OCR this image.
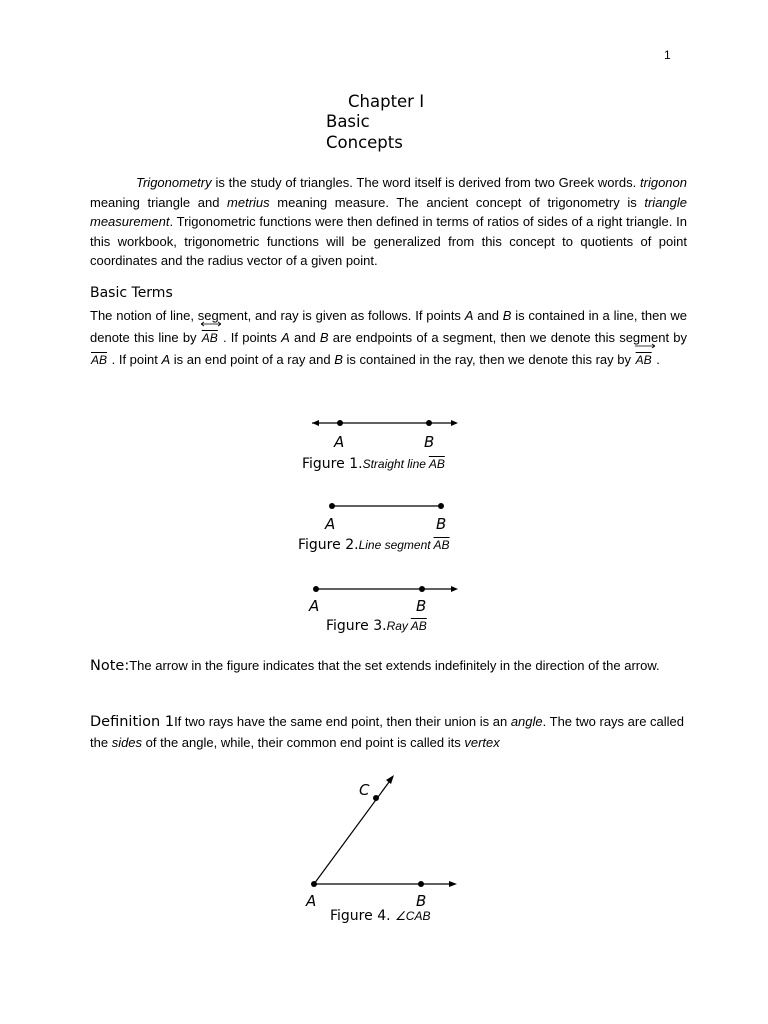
1
Chapter I
Basic
Concepts
Trigonometry is the study of triangles. The word itself is derived from two Greek words. trigonon meaning triangle and metrius meaning measure. The ancient concept of trigonometry is triangle measurement. Trigonometric functions were then defined in terms of ratios of sides of a right triangle. In this workbook, trigonometric functions will be generalized from this concept to quotients of point coordinates and the radius vector of a given point.
Basic Terms
The notion of line, segment, and ray is given as follows. If points A and B is contained in a line, then we denote this line by
AB . If points A and B are endpoints of a segment, then we denote this segment by $\overline{AB}$ . If point A is an end point of a ray and B is contained in the ray, then we denote this ray by
AB .
A	B
Figure 1.Straight line $\overline{AB}$
A	B
Figure 2.Line segment $\overline{AB}$
A	B
Figure 3.Ray $\overline{AB}$
Note:The arrow in the figure indicates that the set extends indefinitely in the direction of the arrow.
Definition 1If two rays have the same end point, then their union is an angle. The two rays are called the sides of the angle, while, their common end point is called its vertex
A	B
C
Figure 4. ∠CAB
